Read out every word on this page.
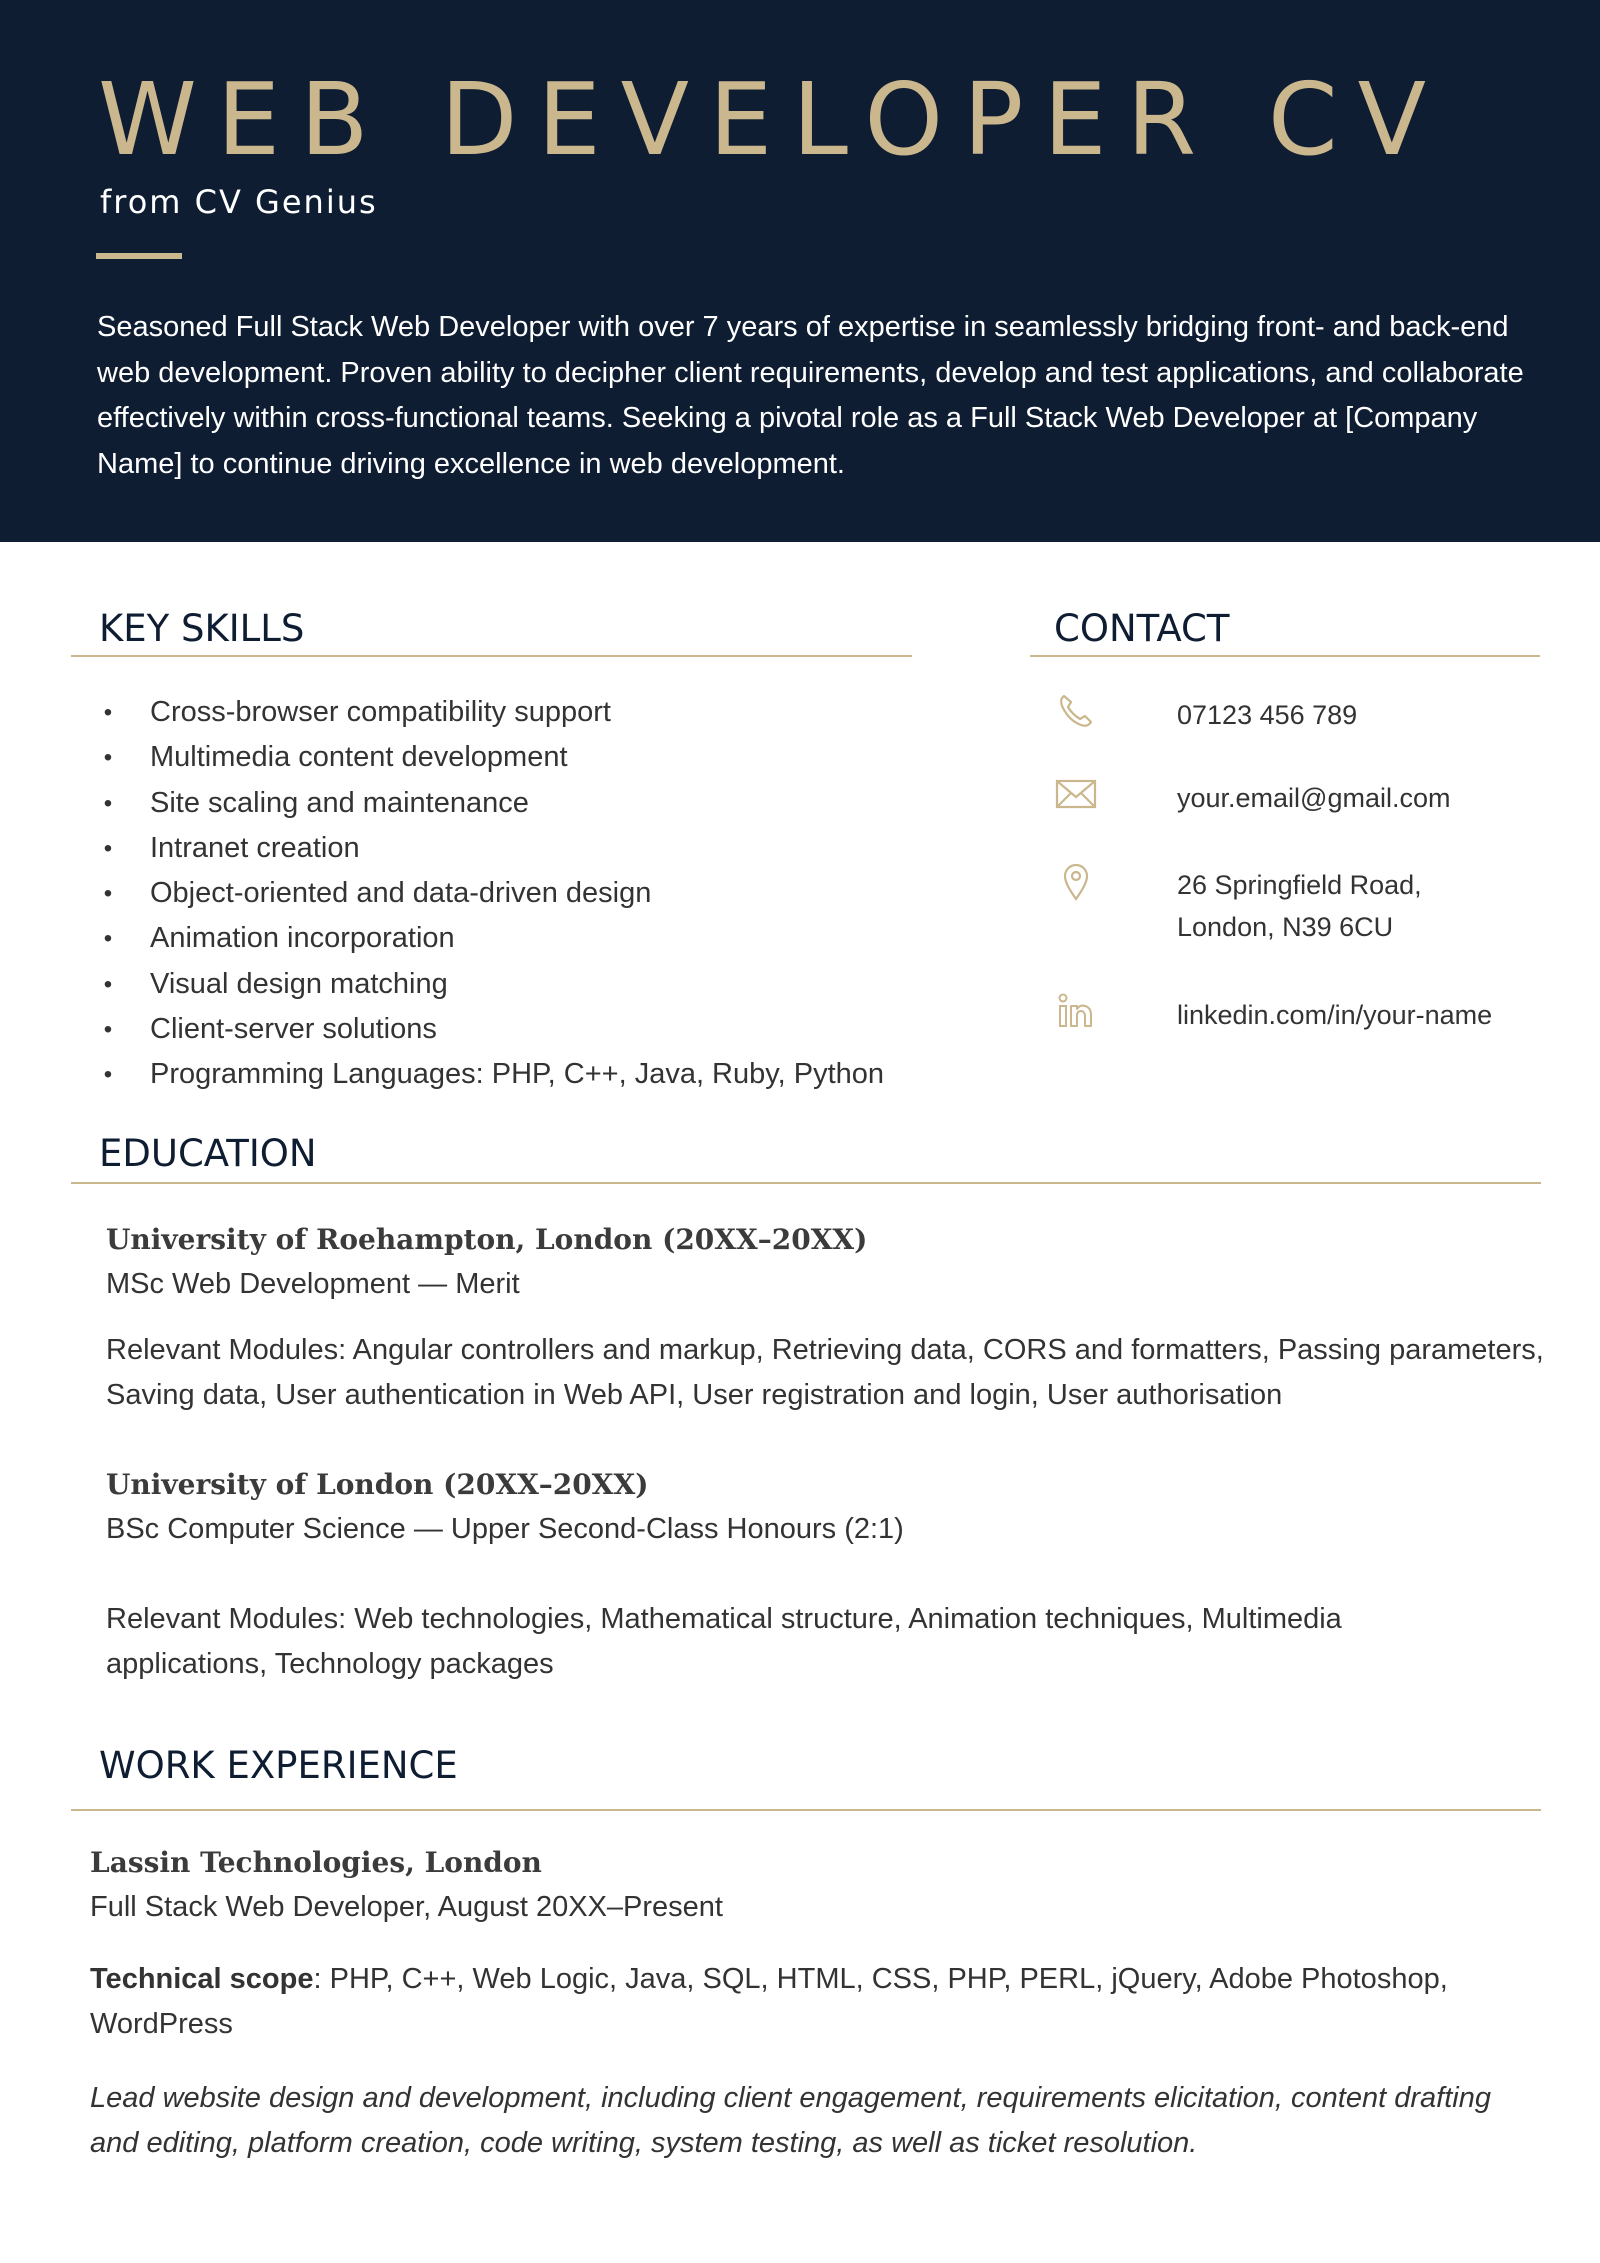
WEB DEVELOPER CV

from CV Genius

Seasoned Full Stack Web Developer with over 7 years of expertise in seamlessly bridging front- and back-end web development. Proven ability to decipher client requirements, develop and test applications, and collaborate effectively within cross-functional teams. Seeking a pivotal role as a Full Stack Web Developer at [Company Name] to continue driving excellence in web development.

KEY SKILLS
• Cross-browser compatibility support
• Multimedia content development
• Site scaling and maintenance
• Intranet creation
• Object-oriented and data-driven design
• Animation incorporation
• Visual design matching
• Client-server solutions
• Programming Languages: PHP, C++, Java, Ruby, Python
CONTACT
07123 456 789
your.email@gmail.com
26 Springfield Road,
London, N39 6CU
linkedin.com/in/your-name
EDUCATION

University of Roehampton, London (20XX–20XX)

MSc Web Development — Merit

Relevant Modules: Angular controllers and markup, Retrieving data, CORS and formatters, Passing parameters, Saving data, User authentication in Web API, User registration and login, User authorisation

University of London (20XX–20XX)

BSc Computer Science — Upper Second-Class Honours (2:1)

Relevant Modules: Web technologies, Mathematical structure, Animation techniques, Multimedia applications, Technology packages

WORK EXPERIENCE

Lassin Technologies, London

Full Stack Web Developer, August 20XX–Present

Technical scope: PHP, C++, Web Logic, Java, SQL, HTML, CSS, PHP, PERL, jQuery, Adobe Photoshop, WordPress

Lead website design and development, including client engagement, requirements elicitation, content drafting and editing, platform creation, code writing, system testing, as well as ticket resolution.
